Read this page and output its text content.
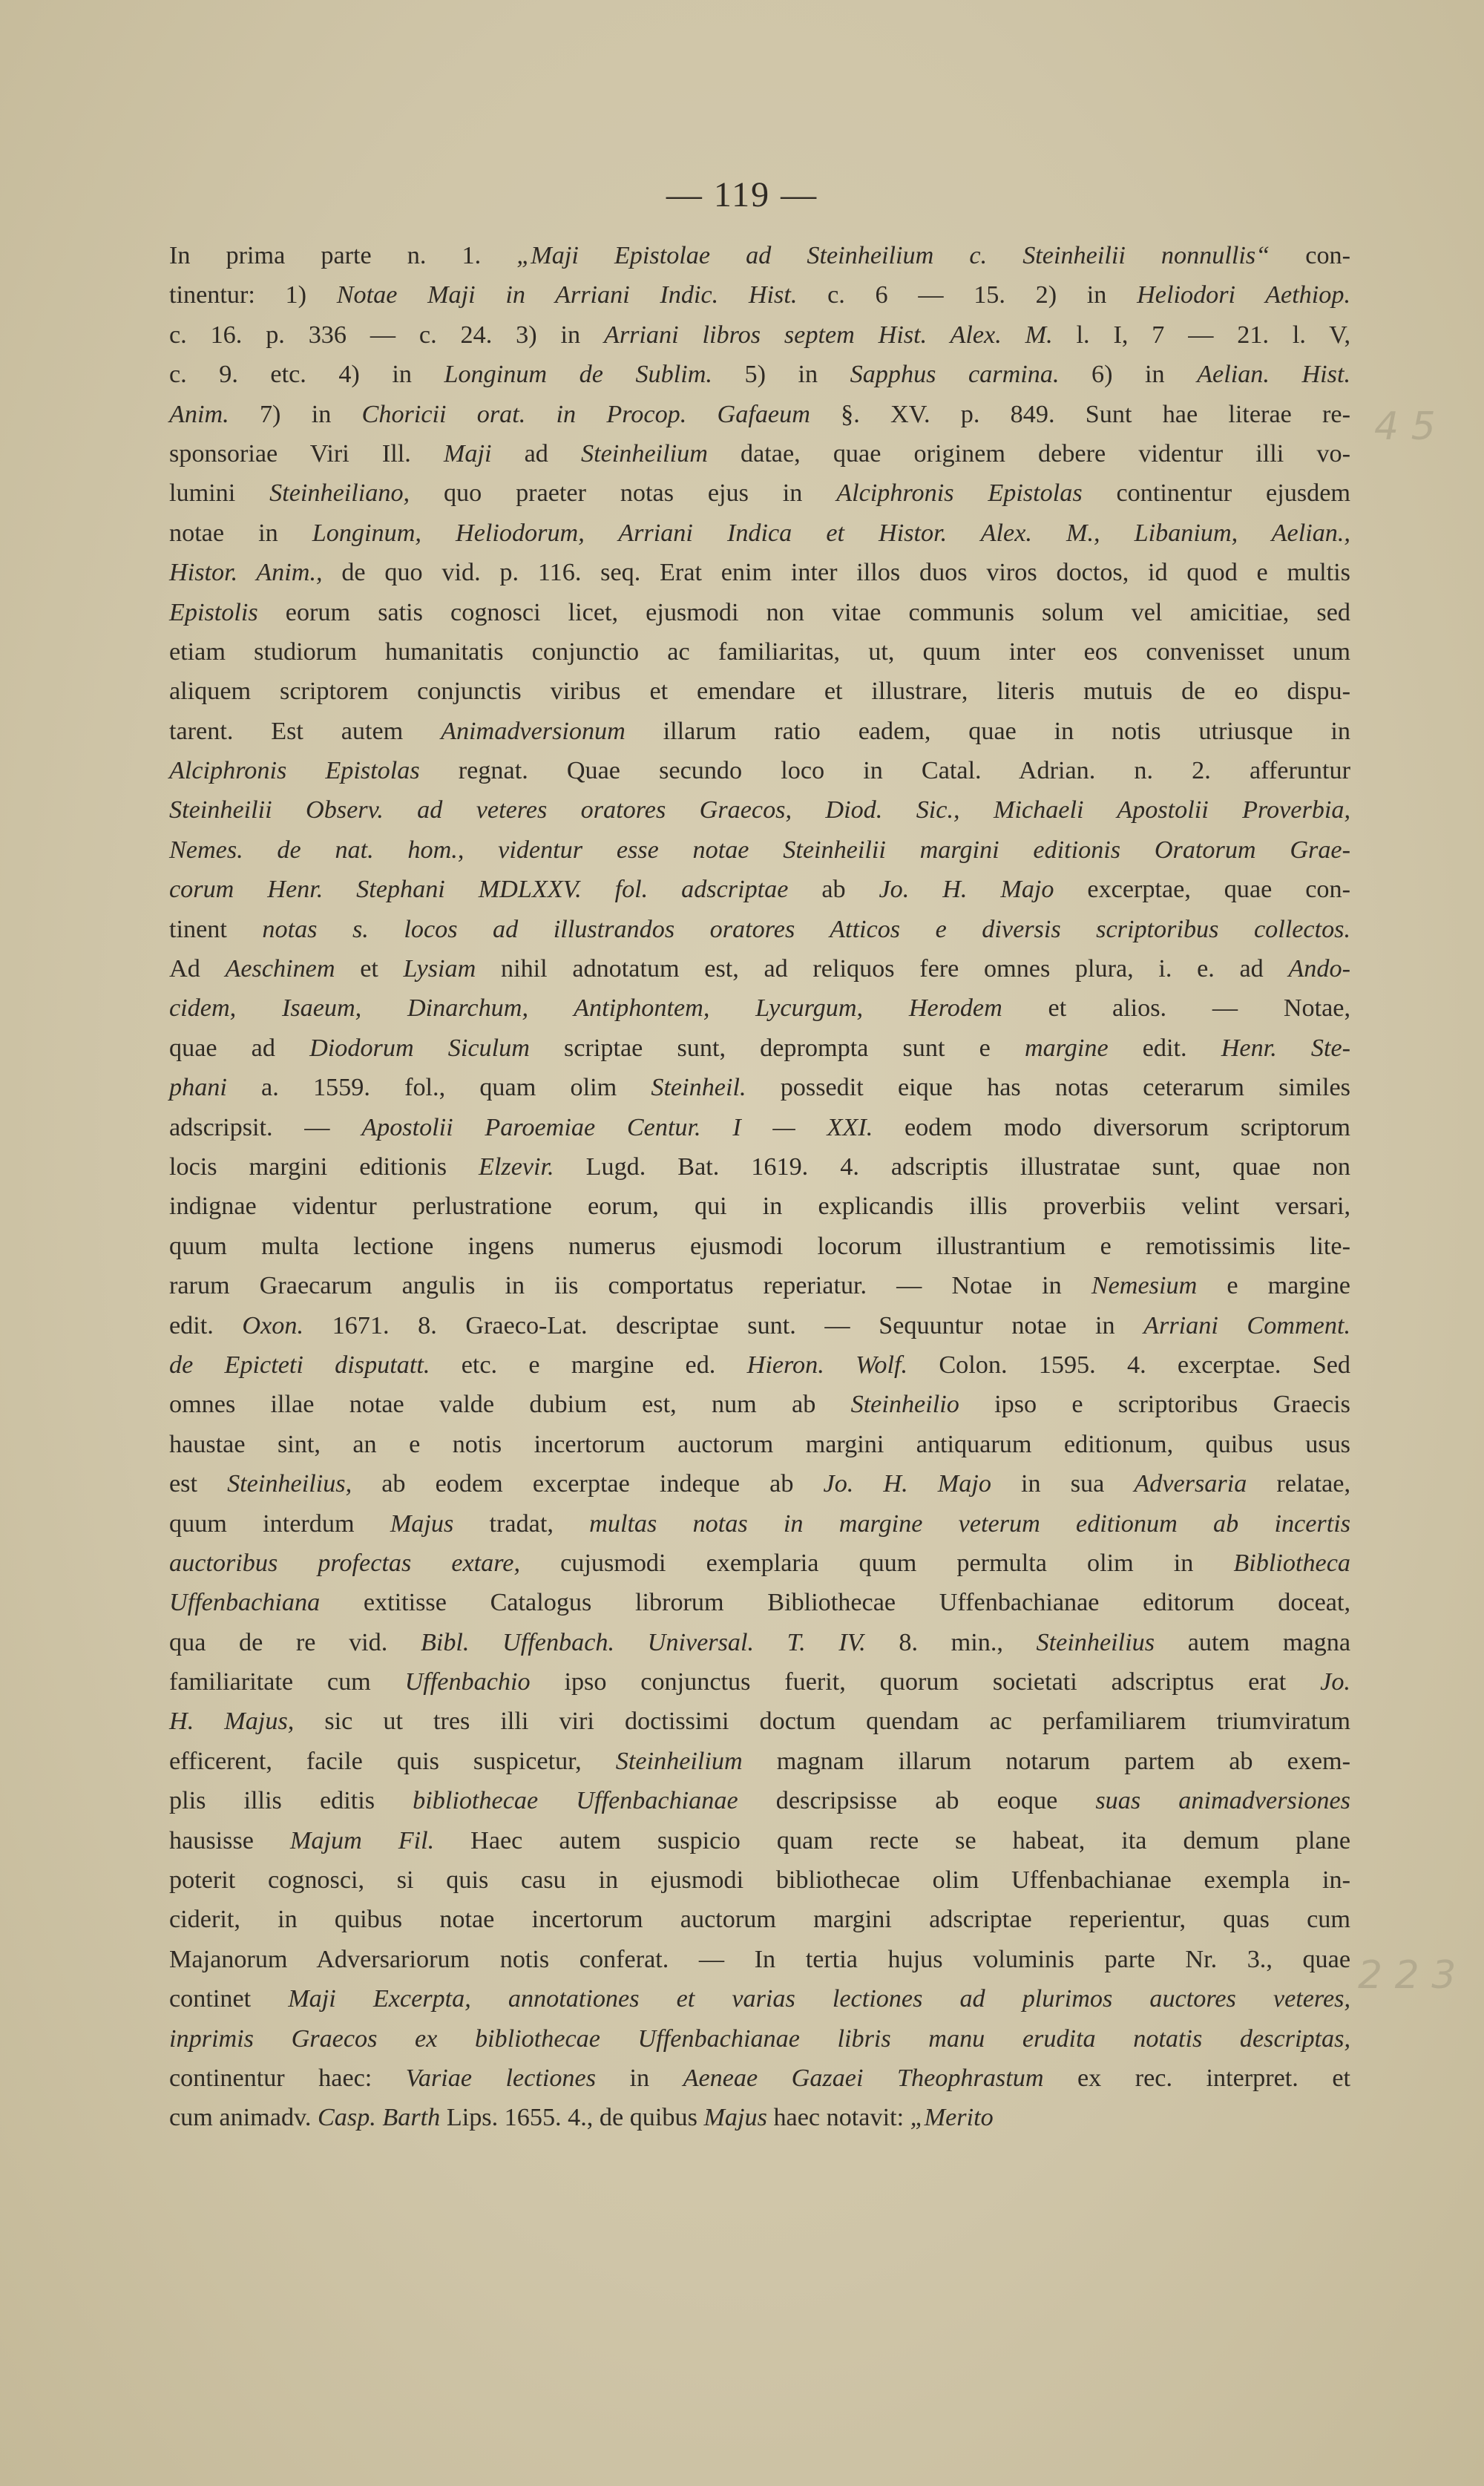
— 119 —
4 5
2 2 3
In prima parte n. 1. „Maji Epistolae ad Steinheilium c. Steinheilii nonnullis“ con-
tinentur: 1) Notae Maji in Arriani Indic. Hist. c. 6 — 15. 2) in Heliodori Aethiop.
c. 16. p. 336 — c. 24. 3) in Arriani libros septem Hist. Alex. M. l. I, 7 — 21. l. V,
c. 9. etc. 4) in Longinum de Sublim. 5) in Sapphus carmina. 6) in Aelian. Hist.
Anim. 7) in Choricii orat. in Procop. Gafaeum §. XV. p. 849. Sunt hae literae re-
sponsoriae Viri Ill. Maji ad Steinheilium datae, quae originem debere videntur illi vo-
lumini Steinheiliano, quo praeter notas ejus in Alciphronis Epistolas continentur ejusdem
notae in Longinum, Heliodorum, Arriani Indica et Histor. Alex. M., Libanium, Aelian.,
Histor. Anim., de quo vid. p. 116. seq. Erat enim inter illos duos viros doctos, id quod e multis
Epistolis eorum satis cognosci licet, ejusmodi non vitae communis solum vel amicitiae, sed
etiam studiorum humanitatis conjunctio ac familiaritas, ut, quum inter eos convenisset unum
aliquem scriptorem conjunctis viribus et emendare et illustrare, literis mutuis de eo dispu-
tarent. Est autem Animadversionum illarum ratio eadem, quae in notis utriusque in
Alciphronis Epistolas regnat. Quae secundo loco in Catal. Adrian. n. 2. afferuntur
Steinheilii Observ. ad veteres oratores Graecos, Diod. Sic., Michaeli Apostolii Proverbia,
Nemes. de nat. hom., videntur esse notae Steinheilii margini editionis Oratorum Grae-
corum Henr. Stephani MDLXXV. fol. adscriptae ab Jo. H. Majo excerptae, quae con-
tinent notas s. locos ad illustrandos oratores Atticos e diversis scriptoribus collectos.
Ad Aeschinem et Lysiam nihil adnotatum est, ad reliquos fere omnes plura, i. e. ad Ando-
cidem, Isaeum, Dinarchum, Antiphontem, Lycurgum, Herodem et alios. — Notae,
quae ad Diodorum Siculum scriptae sunt, deprompta sunt e margine edit. Henr. Ste-
phani a. 1559. fol., quam olim Steinheil. possedit eique has notas ceterarum similes
adscripsit. — Apostolii Paroemiae Centur. I — XXI. eodem modo diversorum scriptorum
locis margini editionis Elzevir. Lugd. Bat. 1619. 4. adscriptis illustratae sunt, quae non
indignae videntur perlustratione eorum, qui in explicandis illis proverbiis velint versari,
quum multa lectione ingens numerus ejusmodi locorum illustrantium e remotissimis lite-
rarum Graecarum angulis in iis comportatus reperiatur. — Notae in Nemesium e margine
edit. Oxon. 1671. 8. Graeco-Lat. descriptae sunt. — Sequuntur notae in Arriani Comment.
de Epicteti disputatt. etc. e margine ed. Hieron. Wolf. Colon. 1595. 4. excerptae. Sed
omnes illae notae valde dubium est, num ab Steinheilio ipso e scriptoribus Graecis
haustae sint, an e notis incertorum auctorum margini antiquarum editionum, quibus usus
est Steinheilius, ab eodem excerptae indeque ab Jo. H. Majo in sua Adversaria relatae,
quum interdum Majus tradat, multas notas in margine veterum editionum ab incertis
auctoribus profectas extare, cujusmodi exemplaria quum permulta olim in Bibliotheca
Uffenbachiana extitisse Catalogus librorum Bibliothecae Uffenbachianae editorum doceat,
qua de re vid. Bibl. Uffenbach. Universal. T. IV. 8. min., Steinheilius autem magna
familiaritate cum Uffenbachio ipso conjunctus fuerit, quorum societati adscriptus erat Jo.
H. Majus, sic ut tres illi viri doctissimi doctum quendam ac perfamiliarem triumviratum
efficerent, facile quis suspicetur, Steinheilium magnam illarum notarum partem ab exem-
plis illis editis bibliothecae Uffenbachianae descripsisse ab eoque suas animadversiones
hausisse Majum Fil. Haec autem suspicio quam recte se habeat, ita demum plane
poterit cognosci, si quis casu in ejusmodi bibliothecae olim Uffenbachianae exempla in-
ciderit, in quibus notae incertorum auctorum margini adscriptae reperientur, quas cum
Majanorum Adversariorum notis conferat. — In tertia hujus voluminis parte Nr. 3., quae
continet Maji Excerpta, annotationes et varias lectiones ad plurimos auctores veteres,
inprimis Graecos ex bibliothecae Uffenbachianae libris manu erudita notatis descriptas,
continentur haec: Variae lectiones in Aeneae Gazaei Theophrastum ex rec. interpret. et
cum animadv. Casp. Barth Lips. 1655. 4., de quibus Majus haec notavit: „Merito
